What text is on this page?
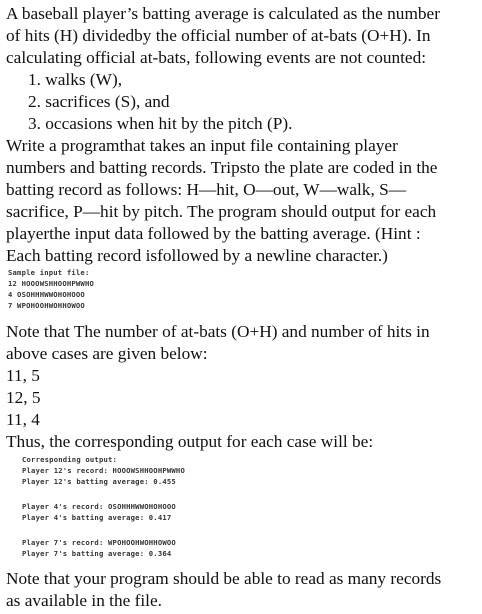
A baseball player’s batting average is calculated as the number
of hits (H) dividedby the official number of at-bats (O+H). In
calculating official at-bats, following events are not counted:
1. walks (W),
2. sacrifices (S), and
3. occasions when hit by the pitch (P).
Write a programthat takes an input file containing player
numbers and batting records. Tripsto the plate are coded in the
batting record as follows: H—hit, O—out, W—walk, S—
sacrifice, P—hit by pitch. The program should output for each
playerthe input data followed by the batting average. (Hint :
Each batting record isfollowed by a newline character.)
Sample input file:
12 HOOOWSHHOOHPWWHO
4 OSOHHHWWOHOHOOO
7 WPOHOOHWOHHOWOO
Note that The number of at-bats (O+H) and number of hits in
above cases are given below:
11, 5
12, 5
11, 4
Thus, the corresponding output for each case will be:
Corresponding output:
Player 12's record: HOOOWSHHOOHPWWHO
Player 12's batting average: 0.455
Player 4's record: OSOHHHWWOHOHOOO
Player 4's batting average: 0.417
Player 7's record: WPOHOOHWOHHOWOO
Player 7's batting average: 0.364
Note that your program should be able to read as many records
as available in the file.
